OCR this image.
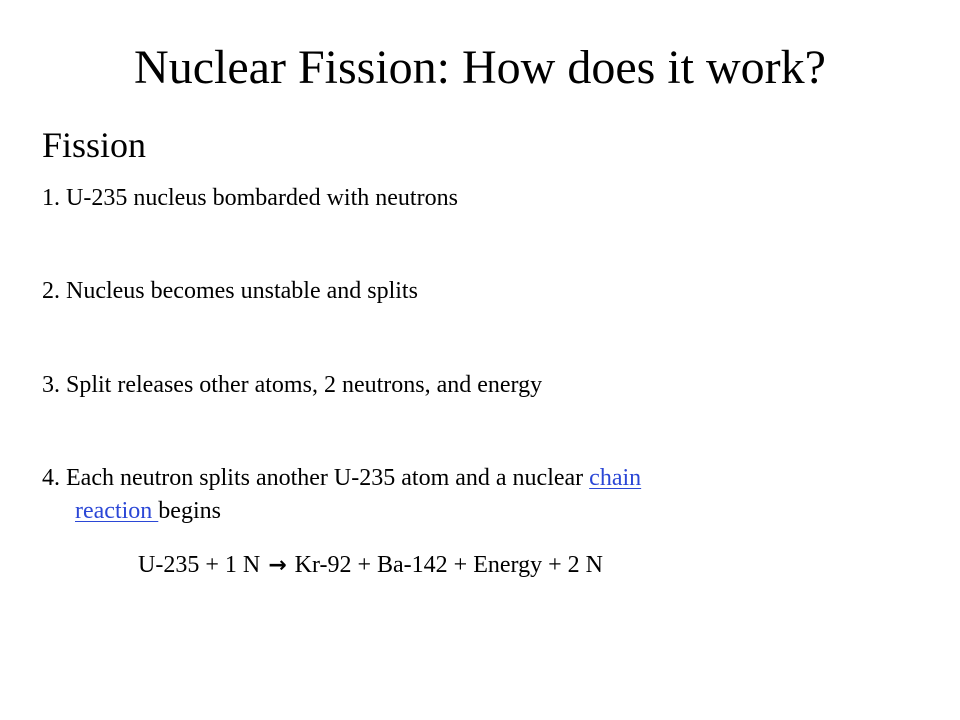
Nuclear Fission: How does it work?
Fission

1. U-235 nucleus bombarded with neutrons

2. Nucleus becomes unstable and splits

3. Split releases other atoms, 2 neutrons, and energy

4. Each neutron splits another U-235 atom and a nuclear chain

reaction begins
U-235 + 1 N → Kr-92 + Ba-142 + Energy + 2 N
